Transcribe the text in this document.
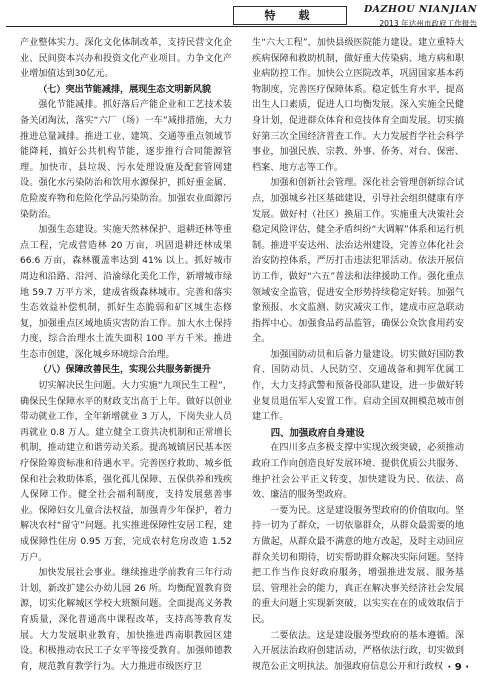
特　载	DAZHOU NIANJIAN
2013 年达州市政府工作报告

产业整体实力。深化文化体制改革，支持民营文化企业、民间资本兴办和投资文化产业项目。力争文化产业增加值达到30亿元。

（七）突出节能减排，展现生态文明新风貌

强化节能减排。抓好落后产能企业和工艺技术装备关闭淘汰，落实“六厂（场）一车”减排措施，大力推进总量减排。推进工业、建筑、交通等重点领域节能降耗，搞好公共机构节能，逐步推行合同能源管理。加快市、县垃圾、污水处理设施及配套管网建设。强化水污染防治和饮用水源保护，抓好重金属、危险废弃物和危险化学品污染防治。加强农业面源污染防治。

加强生态建设。实施天然林保护、退耕还林等重点工程，完成营造林 20 万亩，巩固退耕还林成果 66.6 万亩，森林覆盖率达到 41% 以上。抓好城市周边和沿路、沿河、沿渝绿化美化工作，新增城市绿地 59.7 万平方米，建成省级森林城市。完善和落实生态效益补偿机制，抓好生态脆弱和矿区城生态修复，加强重点区域地质灾害防治工作。加大水土保持力度，综合治理水土流失面积 100 平方千米。推进生态市创建，深化城乡环境综合治理。

（八）保障改善民生，实现公共服务新提升

切实解决民生问题。大力实施“九项民生工程”，确保民生保障水平的财政支出高于上年。做好以创业带动就业工作，全年新增就业 3 万人，下岗失业人员再就业 0.8 万人。建立健全工资共决机制和正常增长机制，推动建立和谐劳动关系。提高城镇居民基本医疗保险筹资标准和待遇水平。完善医疗救助、城乡低保和社会救助体系，强化孤儿保障、五保供养和残疾人保障工作。健全社会福利制度，支持发展慈善事业。保障妇女儿童合法权益，加强青少年保护，着力解决农村“留守”问题。扎实推进保障性安居工程，建成保障性住房 0.95 万套，完成农村危房改造 1.52 万户。

加快发展社会事业。继续推进学前教育三年行动计划，新改扩建公办幼儿园 26 所。均衡配置教育资源，切实化解城区学校大班额问题。全面提高义务教育质量，深化普通高中课程改革，支持高等教育发展。大力发展职业教育，加快推进西南职教园区建设。积极推动农民工子女平等接受教育。加强师德教育，规范教育教学行为。大力推进市级医疗卫

生“六大工程”，加快县级医院能力建设。建立重特大疾病保障和救助机制，做好重大传染病、地方病和职业病防控工作。加快公立医院改革，巩固国家基本药物制度，完善医疗保障体系。稳定低生育水平，提高出生人口素质，促进人口均衡发展。深入实施全民健身计划，促进群众体育和竞技体育全面发展。切实搞好第三次全国经济普查工作。大力发展哲学社会科学事业，加强民族、宗教、外事、侨务、对台、保密、档案、地方志等工作。

加强和创新社会管理。深化社会管理创新综合试点，加强城乡社区基础建设，引导社会组织健康有序发展。做好村（社区）换届工作。实施重大决策社会稳定风险评估，健全矛盾纠纷“大调解”体系和运行机制。推进平安达州、法治达州建设，完善立体化社会治安防控体系，严厉打击违法犯罪活动。依法开展信访工作，做好“六五”普法和法律援助工作。强化重点领域安全监管，促进安全形势持续稳定好转。加强气象预报、水文监测、防灾减灾工作，建成市应急联动指挥中心。加强食品药品监管，确保公众饮食用药安全。

加强国防动员和后备力量建设。切实做好国防教育、国防动员、人民防空、交通战备和拥军优属工作，大力支持武警和预备役部队建设，进一步做好转业复员退伍军人安置工作。启动全国双拥模范城市创建工作。

四、加强政府自身建设

在四川多点多极支撑中实现次级突破，必须推动政府工作向创造良好发展环境、提供优质公共服务、维护社会公平正义转变，加快建设为民、依法、高效、廉洁的服务型政府。

一要为民。这是建设服务型政府的价值取向。坚持一切为了群众，一切依靠群众，从群众最需要的地方做起，从群众最不满意的地方改起，及时主动回应群众关切和期待，切实帮助群众解决实际问题。坚持把工作当作良好政府服务，增强推进发展、服务基层、管理社会的能力，真正在解决事关经济社会发展的重大问题上实现新突破，以实实在在的成效取信于民。

二要依法。这是建设服务型政府的基本遵循。深入开展法治政府创建活动，严格依法行政，切实做到规范公正文明执法。加强政府信息公开和行政权 · 9 ·
